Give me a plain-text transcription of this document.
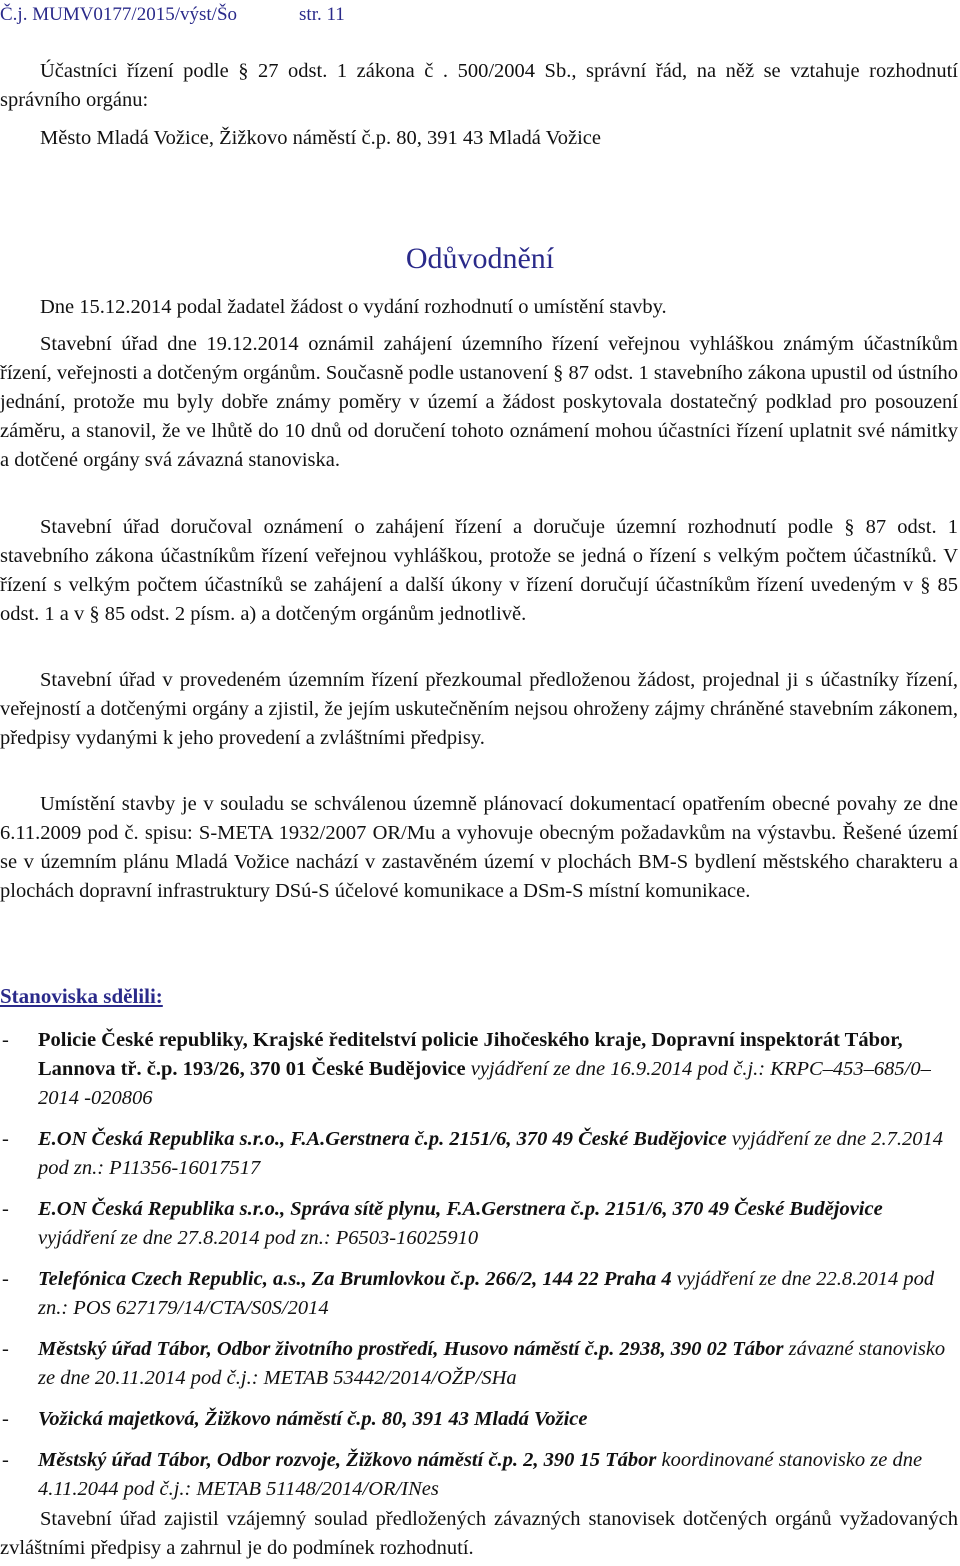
Č.j. MUMV0177/2015/výst/Šo	str. 11
Účastníci řízení podle § 27 odst. 1 zákona č . 500/2004 Sb., správní řád, na něž se vztahuje rozhodnutí správního orgánu:
Město Mladá Vožice, Žižkovo náměstí č.p. 80, 391 43 Mladá Vožice
Odůvodnění
Dne 15.12.2014 podal žadatel žádost o vydání rozhodnutí o umístění stavby.
Stavební úřad dne 19.12.2014 oznámil zahájení územního řízení veřejnou vyhláškou známým účastníkům řízení, veřejnosti a dotčeným orgánům. Současně podle ustanovení § 87 odst. 1 stavebního zákona upustil od ústního jednání, protože mu byly dobře známy poměry v území a žádost poskytovala dostatečný podklad pro posouzení záměru, a stanovil, že ve lhůtě do 10 dnů od doručení tohoto oznámení mohou účastníci řízení uplatnit své námitky a dotčené orgány svá závazná stanoviska.
Stavební úřad doručoval oznámení o zahájení řízení a doručuje územní rozhodnutí podle § 87 odst. 1 stavebního zákona účastníkům řízení veřejnou vyhláškou, protože se jedná o řízení s velkým počtem účastníků. V řízení s velkým počtem účastníků se zahájení a další úkony v řízení doručují účastníkům řízení uvedeným v § 85 odst. 1 a v § 85 odst. 2 písm. a) a dotčeným orgánům jednotlivě.
Stavební úřad v provedeném územním řízení přezkoumal předloženou žádost, projednal ji s účastníky řízení, veřejností a dotčenými orgány a zjistil, že jejím uskutečněním nejsou ohroženy zájmy chráněné stavebním zákonem, předpisy vydanými k jeho provedení a zvláštními předpisy.
Umístění stavby je v souladu se schválenou územně plánovací dokumentací opatřením obecné povahy ze dne 6.11.2009 pod č. spisu: S-META 1932/2007 OR/Mu a vyhovuje obecným požadavkům na výstavbu. Řešené území se v územním plánu Mladá Vožice nachází v zastavěném území v plochách BM-S bydlení městského charakteru a plochách dopravní infrastruktury DSú-S účelové komunikace a DSm-S místní komunikace.
Stanoviska sdělili:
- Policie České republiky, Krajské ředitelství policie Jihočeského kraje, Dopravní inspektorát Tábor, Lannova tř. č.p. 193/26, 370 01 České Budějovice vyjádření ze dne 16.9.2014 pod č.j.: KRPC–453–685/0–2014 -020806
- E.ON Česká Republika s.r.o., F.A.Gerstnera č.p. 2151/6, 370 49 České Budějovice vyjádření ze dne 2.7.2014 pod zn.: P11356-16017517
- E.ON Česká Republika s.r.o., Správa sítě plynu, F.A.Gerstnera č.p. 2151/6, 370 49 České Budějovice vyjádření ze dne 27.8.2014 pod zn.: P6503-16025910
- Telefónica Czech Republic, a.s., Za Brumlovkou č.p. 266/2, 144 22 Praha 4 vyjádření ze dne 22.8.2014 pod zn.: POS 627179/14/CTA/S0S/2014
- Městský úřad Tábor, Odbor životního prostředí, Husovo náměstí č.p. 2938, 390 02 Tábor závazné stanovisko ze dne 20.11.2014 pod č.j.: METAB 53442/2014/OŽP/SHa
- Vožická majetková, Žižkovo náměstí č.p. 80, 391 43 Mladá Vožice
- Městský úřad Tábor, Odbor rozvoje, Žižkovo náměstí č.p. 2, 390 15 Tábor koordinované stanovisko ze dne 4.11.2044 pod č.j.: METAB 51148/2014/OR/INes
Stavební úřad zajistil vzájemný soulad předložených závazných stanovisek dotčených orgánů vyžadovaných zvláštními předpisy a zahrnul je do podmínek rozhodnutí.
